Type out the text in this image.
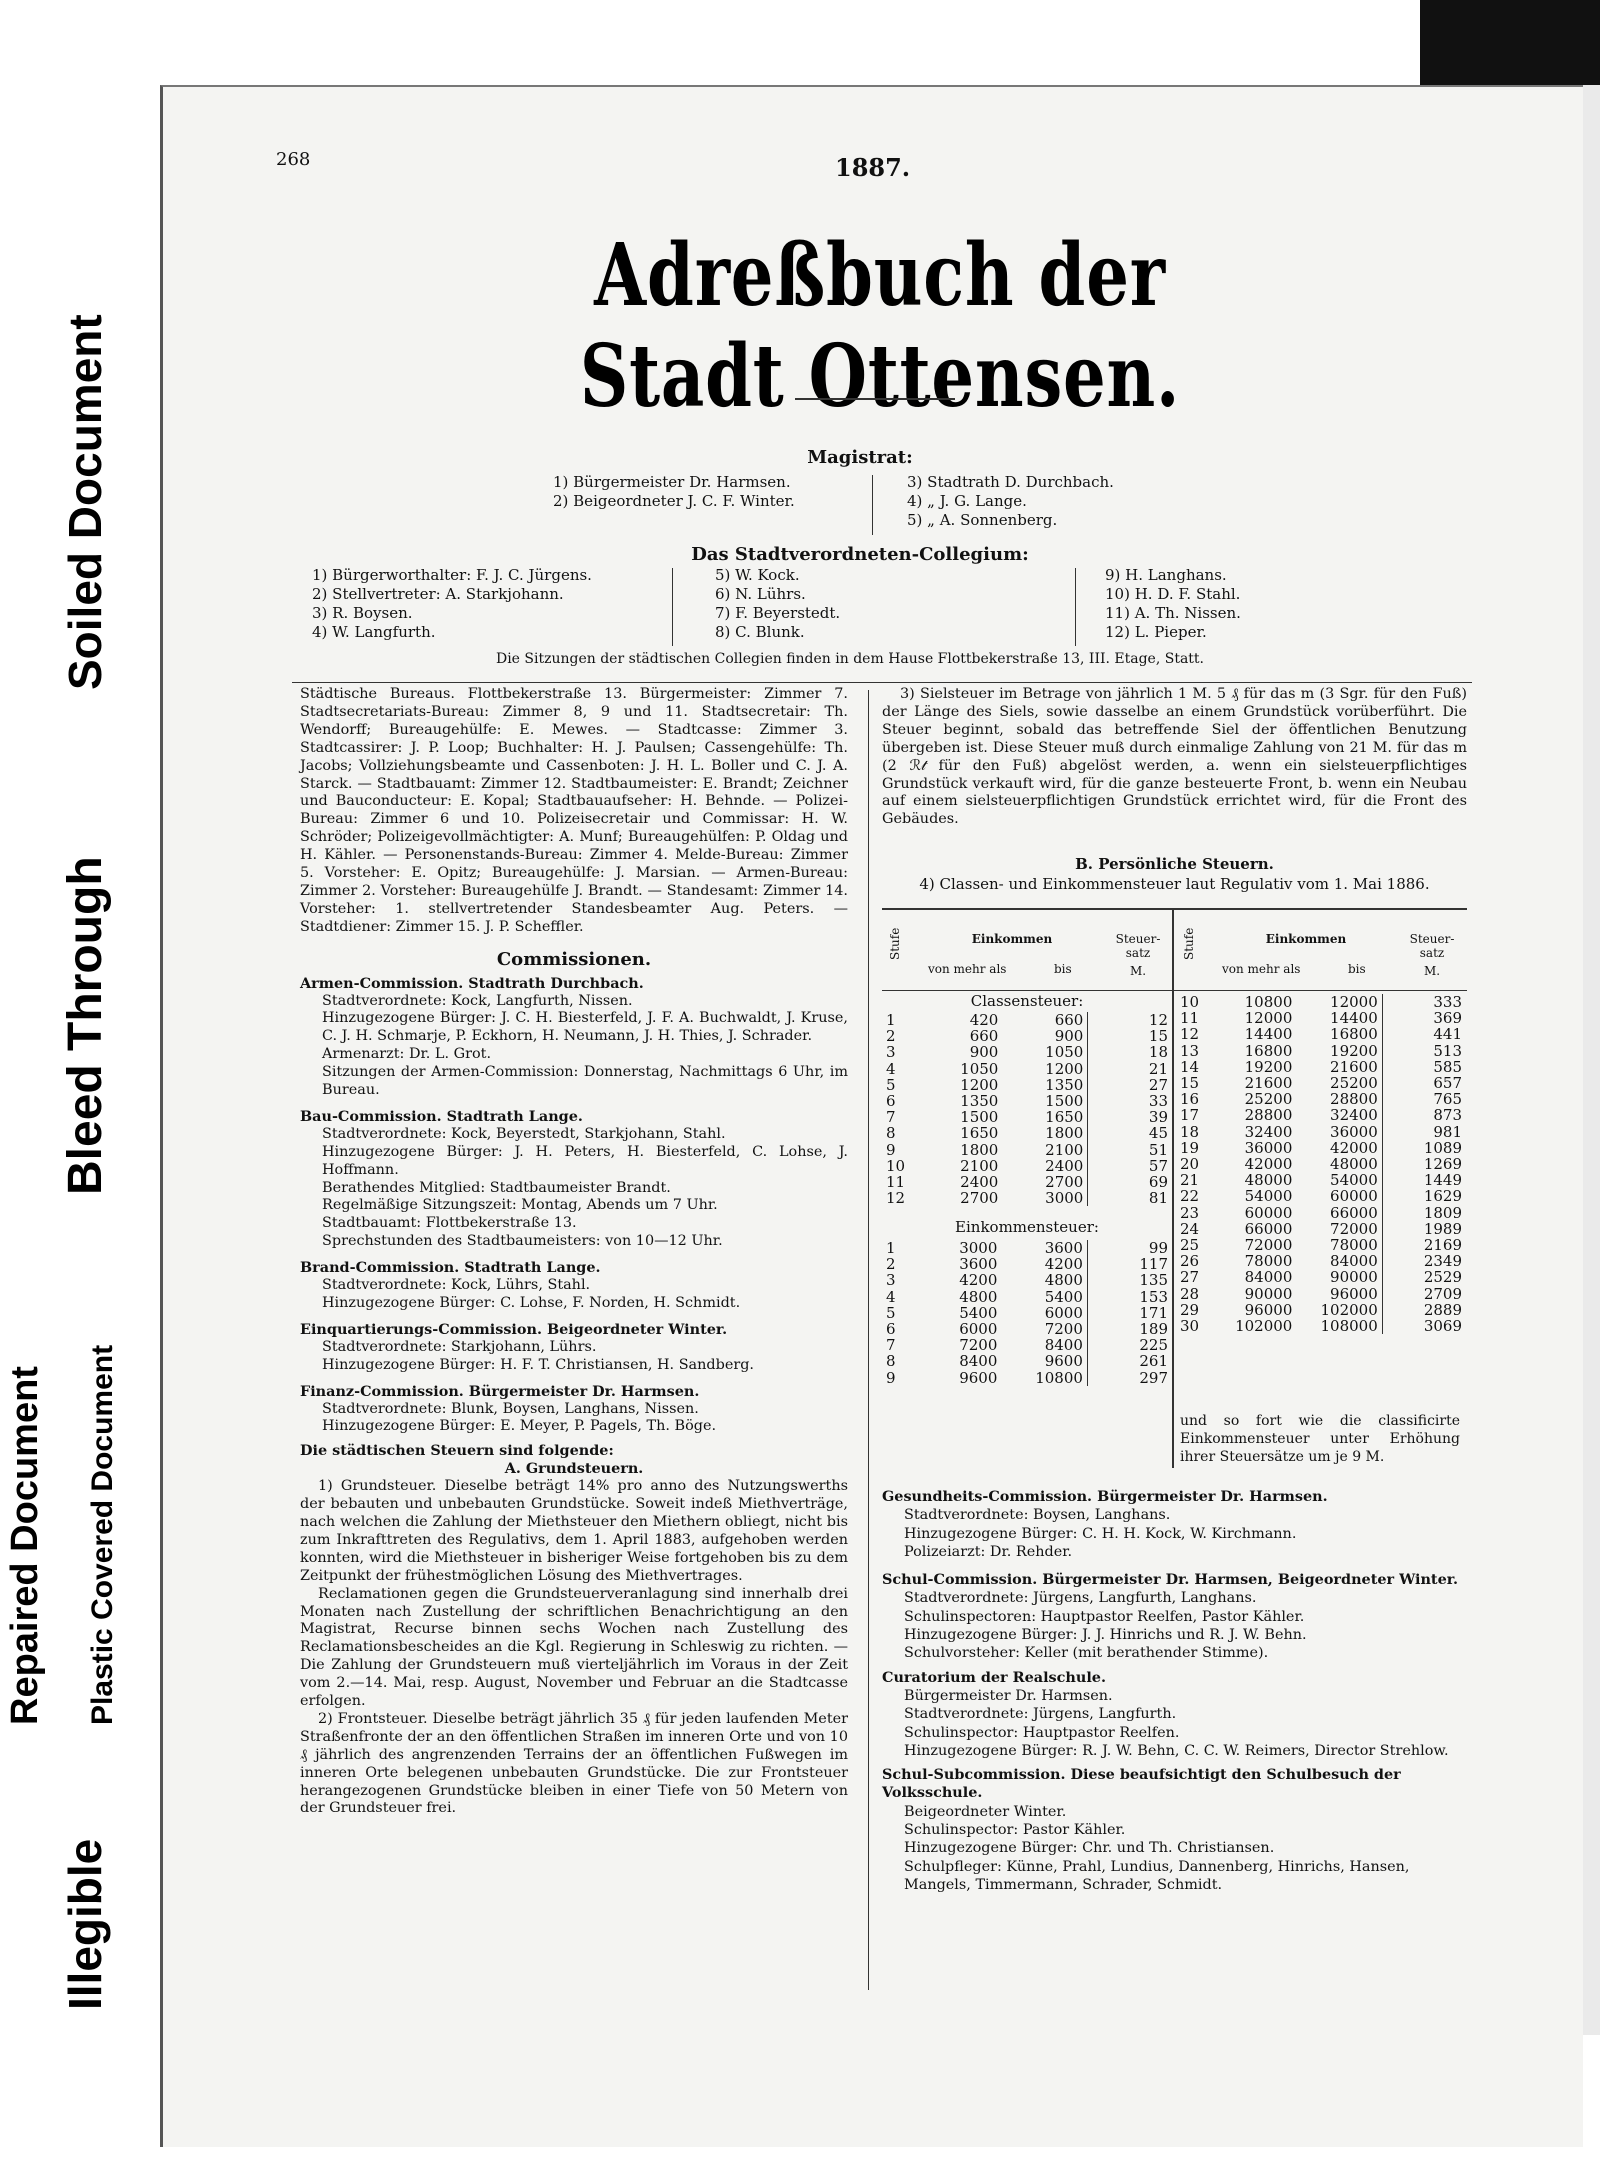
Illegible
Plastic Covered Document
Repaired Document
Bleed Through
Soiled Document
268	1887.
Adreßbuch der Stadt Ottensen.
Magistrat:
1) Bürgermeister Dr. Harmsen.
2) Beigeordneter J. C. F. Winter.
3) Stadtrath D. Durchbach.
4) „ J. G. Lange.
5) „ A. Sonnenberg.
Das Stadtverordneten-Collegium:
1) Bürgerworthalter: F. J. C. Jürgens.
2) Stellvertreter: A. Starkjohann.
3) R. Boysen.
4) W. Langfurth.
5) W. Kock.
6) N. Lührs.
7) F. Beyerstedt.
8) C. Blunk.
9) H. Langhans.
10) H. D. F. Stahl.
11) A. Th. Nissen.
12) L. Pieper.
Die Sitzungen der städtischen Collegien finden in dem Hause Flottbekerstraße 13, III. Etage, Statt.
Städtische Bureaus. Flottbekerstraße 13. Bürgermeister: Zimmer 7. Stadtsecretariats-Bureau: Zimmer 8, 9 und 11. Stadtsecretair: Th. Wendorff; Bureaugehülfe: E. Mewes. — Stadtcasse: Zimmer 3. Stadtcassirer: J. P. Loop; Buchhalter: H. J. Paulsen; Cassengehülfe: Th. Jacobs; Vollziehungsbeamte und Cassenboten: J. H. L. Boller und C. J. A. Starck. — Stadtbauamt: Zimmer 12. Stadtbaumeister: E. Brandt; Zeichner und Bauconducteur: E. Kopal; Stadtbauaufseher: H. Behnde. — Polizei-Bureau: Zimmer 6 und 10. Polizeisecretair und Commissar: H. W. Schröder; Polizeigevollmächtigter: A. Munf; Bureaugehülfen: P. Oldag und H. Kähler. — Personenstands-Bureau: Zimmer 4. Melde-Bureau: Zimmer 5. Vorsteher: E. Opitz; Bureaugehülfe: J. Marsian. — Armen-Bureau: Zimmer 2. Vorsteher: Bureaugehülfe J. Brandt. — Standesamt: Zimmer 14. Vorsteher: 1. stellvertretender Standesbeamter Aug. Peters. — Stadtdiener: Zimmer 15. J. P. Scheffler.
Commissionen.
Armen-Commission. Stadtrath Durchbach.
Stadtverordnete: Kock, Langfurth, Nissen.
Hinzugezogene Bürger: J. C. H. Biesterfeld, J. F. A. Buchwaldt, J. Kruse, C. J. H. Schmarje, P. Eckhorn, H. Neumann, J. H. Thies, J. Schrader.
Armenarzt: Dr. L. Grot.
Sitzungen der Armen-Commission: Donnerstag, Nachmittags 6 Uhr, im Bureau.
Bau-Commission. Stadtrath Lange.
Stadtverordnete: Kock, Beyerstedt, Starkjohann, Stahl.
Hinzugezogene Bürger: J. H. Peters, H. Biesterfeld, C. Lohse, J. Hoffmann.
Berathendes Mitglied: Stadtbaumeister Brandt.
Regelmäßige Sitzungszeit: Montag, Abends um 7 Uhr.
Stadtbauamt: Flottbekerstraße 13.
Sprechstunden des Stadtbaumeisters: von 10—12 Uhr.
Brand-Commission. Stadtrath Lange.
Stadtverordnete: Kock, Lührs, Stahl.
Hinzugezogene Bürger: C. Lohse, F. Norden, H. Schmidt.
Einquartierungs-Commission. Beigeordneter Winter.
Stadtverordnete: Starkjohann, Lührs.
Hinzugezogene Bürger: H. F. T. Christiansen, H. Sandberg.
Finanz-Commission. Bürgermeister Dr. Harmsen.
Stadtverordnete: Blunk, Boysen, Langhans, Nissen.
Hinzugezogene Bürger: E. Meyer, P. Pagels, Th. Böge.
Die städtischen Steuern sind folgende:
A. Grundsteuern.
1) Grundsteuer. Dieselbe beträgt 14% pro anno des Nutzungswerths der bebauten und unbebauten Grundstücke. Soweit indeß Miethverträge, nach welchen die Zahlung der Miethsteuer den Miethern obliegt, nicht bis zum Inkrafttreten des Regulativs, dem 1. April 1883, aufgehoben werden konnten, wird die Miethsteuer in bisheriger Weise fortgehoben bis zu dem Zeitpunkt der frühestmöglichen Lösung des Miethvertrages.
Reclamationen gegen die Grundsteuerveranlagung sind innerhalb drei Monaten nach Zustellung der schriftlichen Benachrichtigung an den Magistrat, Recurse binnen sechs Wochen nach Zustellung des Reclamationsbescheides an die Kgl. Regierung in Schleswig zu richten. — Die Zahlung der Grundsteuern muß vierteljährlich im Voraus in der Zeit vom 2.—14. Mai, resp. August, November und Februar an die Stadtcasse erfolgen.
2) Frontsteuer. Dieselbe beträgt jährlich 35 ₰ für jeden laufenden Meter Straßenfronte der an den öffentlichen Straßen im inneren Orte und von 10 ₰ jährlich des angrenzenden Terrains der an öffentlichen Fußwegen im inneren Orte belegenen unbebauten Grundstücke. Die zur Frontsteuer herangezogenen Grundstücke bleiben in einer Tiefe von 50 Metern von der Grundsteuer frei.
3) Sielsteuer im Betrage von jährlich 1 M. 5 ₰ für das m (3 Sgr. für den Fuß) der Länge des Siels, sowie dasselbe an einem Grundstück vorüberführt. Die Steuer beginnt, sobald das betreffende Siel der öffentlichen Benutzung übergeben ist. Diese Steuer muß durch einmalige Zahlung von 21 M. für das m (2 ℛ𝓉 für den Fuß) abgelöst werden, a. wenn ein sielsteuerpflichtiges Grundstück verkauft wird, für die ganze besteuerte Front, b. wenn ein Neubau auf einem sielsteuerpflichtigen Grundstück errichtet wird, für die Front des Gebäudes.
B. Persönliche Steuern.
4) Classen- und Einkommensteuer laut Regulativ vom 1. Mai 1886.
Stufe	Einkommen
von mehr als	bis
Steuer-satz
M.
Stufe	Einkommen
von mehr als	bis
Steuer-satz
M.
Classensteuer:
1	420	660	12
2	660	900	15
3	900	1050	18
4	1050	1200	21
5	1200	1350	27
6	1350	1500	33
7	1500	1650	39
8	1650	1800	45
9	1800	2100	51
10	2100	2400	57
11	2400	2700	69
12	2700	3000	81
Einkommensteuer:
1	3000	3600	99
2	3600	4200	117
3	4200	4800	135
4	4800	5400	153
5	5400	6000	171
6	6000	7200	189
7	7200	8400	225
8	8400	9600	261
9	9600	10800	297
10	10800	12000	333
11	12000	14400	369
12	14400	16800	441
13	16800	19200	513
14	19200	21600	585
15	21600	25200	657
16	25200	28800	765
17	28800	32400	873
18	32400	36000	981
19	36000	42000	1089
20	42000	48000	1269
21	48000	54000	1449
22	54000	60000	1629
23	60000	66000	1809
24	66000	72000	1989
25	72000	78000	2169
26	78000	84000	2349
27	84000	90000	2529
28	90000	96000	2709
29	96000	102000	2889
30	102000	108000	3069
und so fort wie die classificirte Einkommensteuer unter Erhöhung ihrer Steuersätze um je 9 M.
Gesundheits-Commission. Bürgermeister Dr. Harmsen.
Stadtverordnete: Boysen, Langhans.
Hinzugezogene Bürger: C. H. H. Kock, W. Kirchmann.
Polizeiarzt: Dr. Rehder.
Schul-Commission. Bürgermeister Dr. Harmsen, Beigeordneter Winter.
Stadtverordnete: Jürgens, Langfurth, Langhans.
Schulinspectoren: Hauptpastor Reelfen, Pastor Kähler.
Hinzugezogene Bürger: J. J. Hinrichs und R. J. W. Behn.
Schulvorsteher: Keller (mit berathender Stimme).
Curatorium der Realschule.
Bürgermeister Dr. Harmsen.
Stadtverordnete: Jürgens, Langfurth.
Schulinspector: Hauptpastor Reelfen.
Hinzugezogene Bürger: R. J. W. Behn, C. C. W. Reimers, Director Strehlow.
Schul-Subcommission. Diese beaufsichtigt den Schulbesuch der Volksschule.
Beigeordneter Winter.
Schulinspector: Pastor Kähler.
Hinzugezogene Bürger: Chr. und Th. Christiansen.
Schulpfleger: Künne, Prahl, Lundius, Dannenberg, Hinrichs, Hansen, Mangels, Timmermann, Schrader, Schmidt.
